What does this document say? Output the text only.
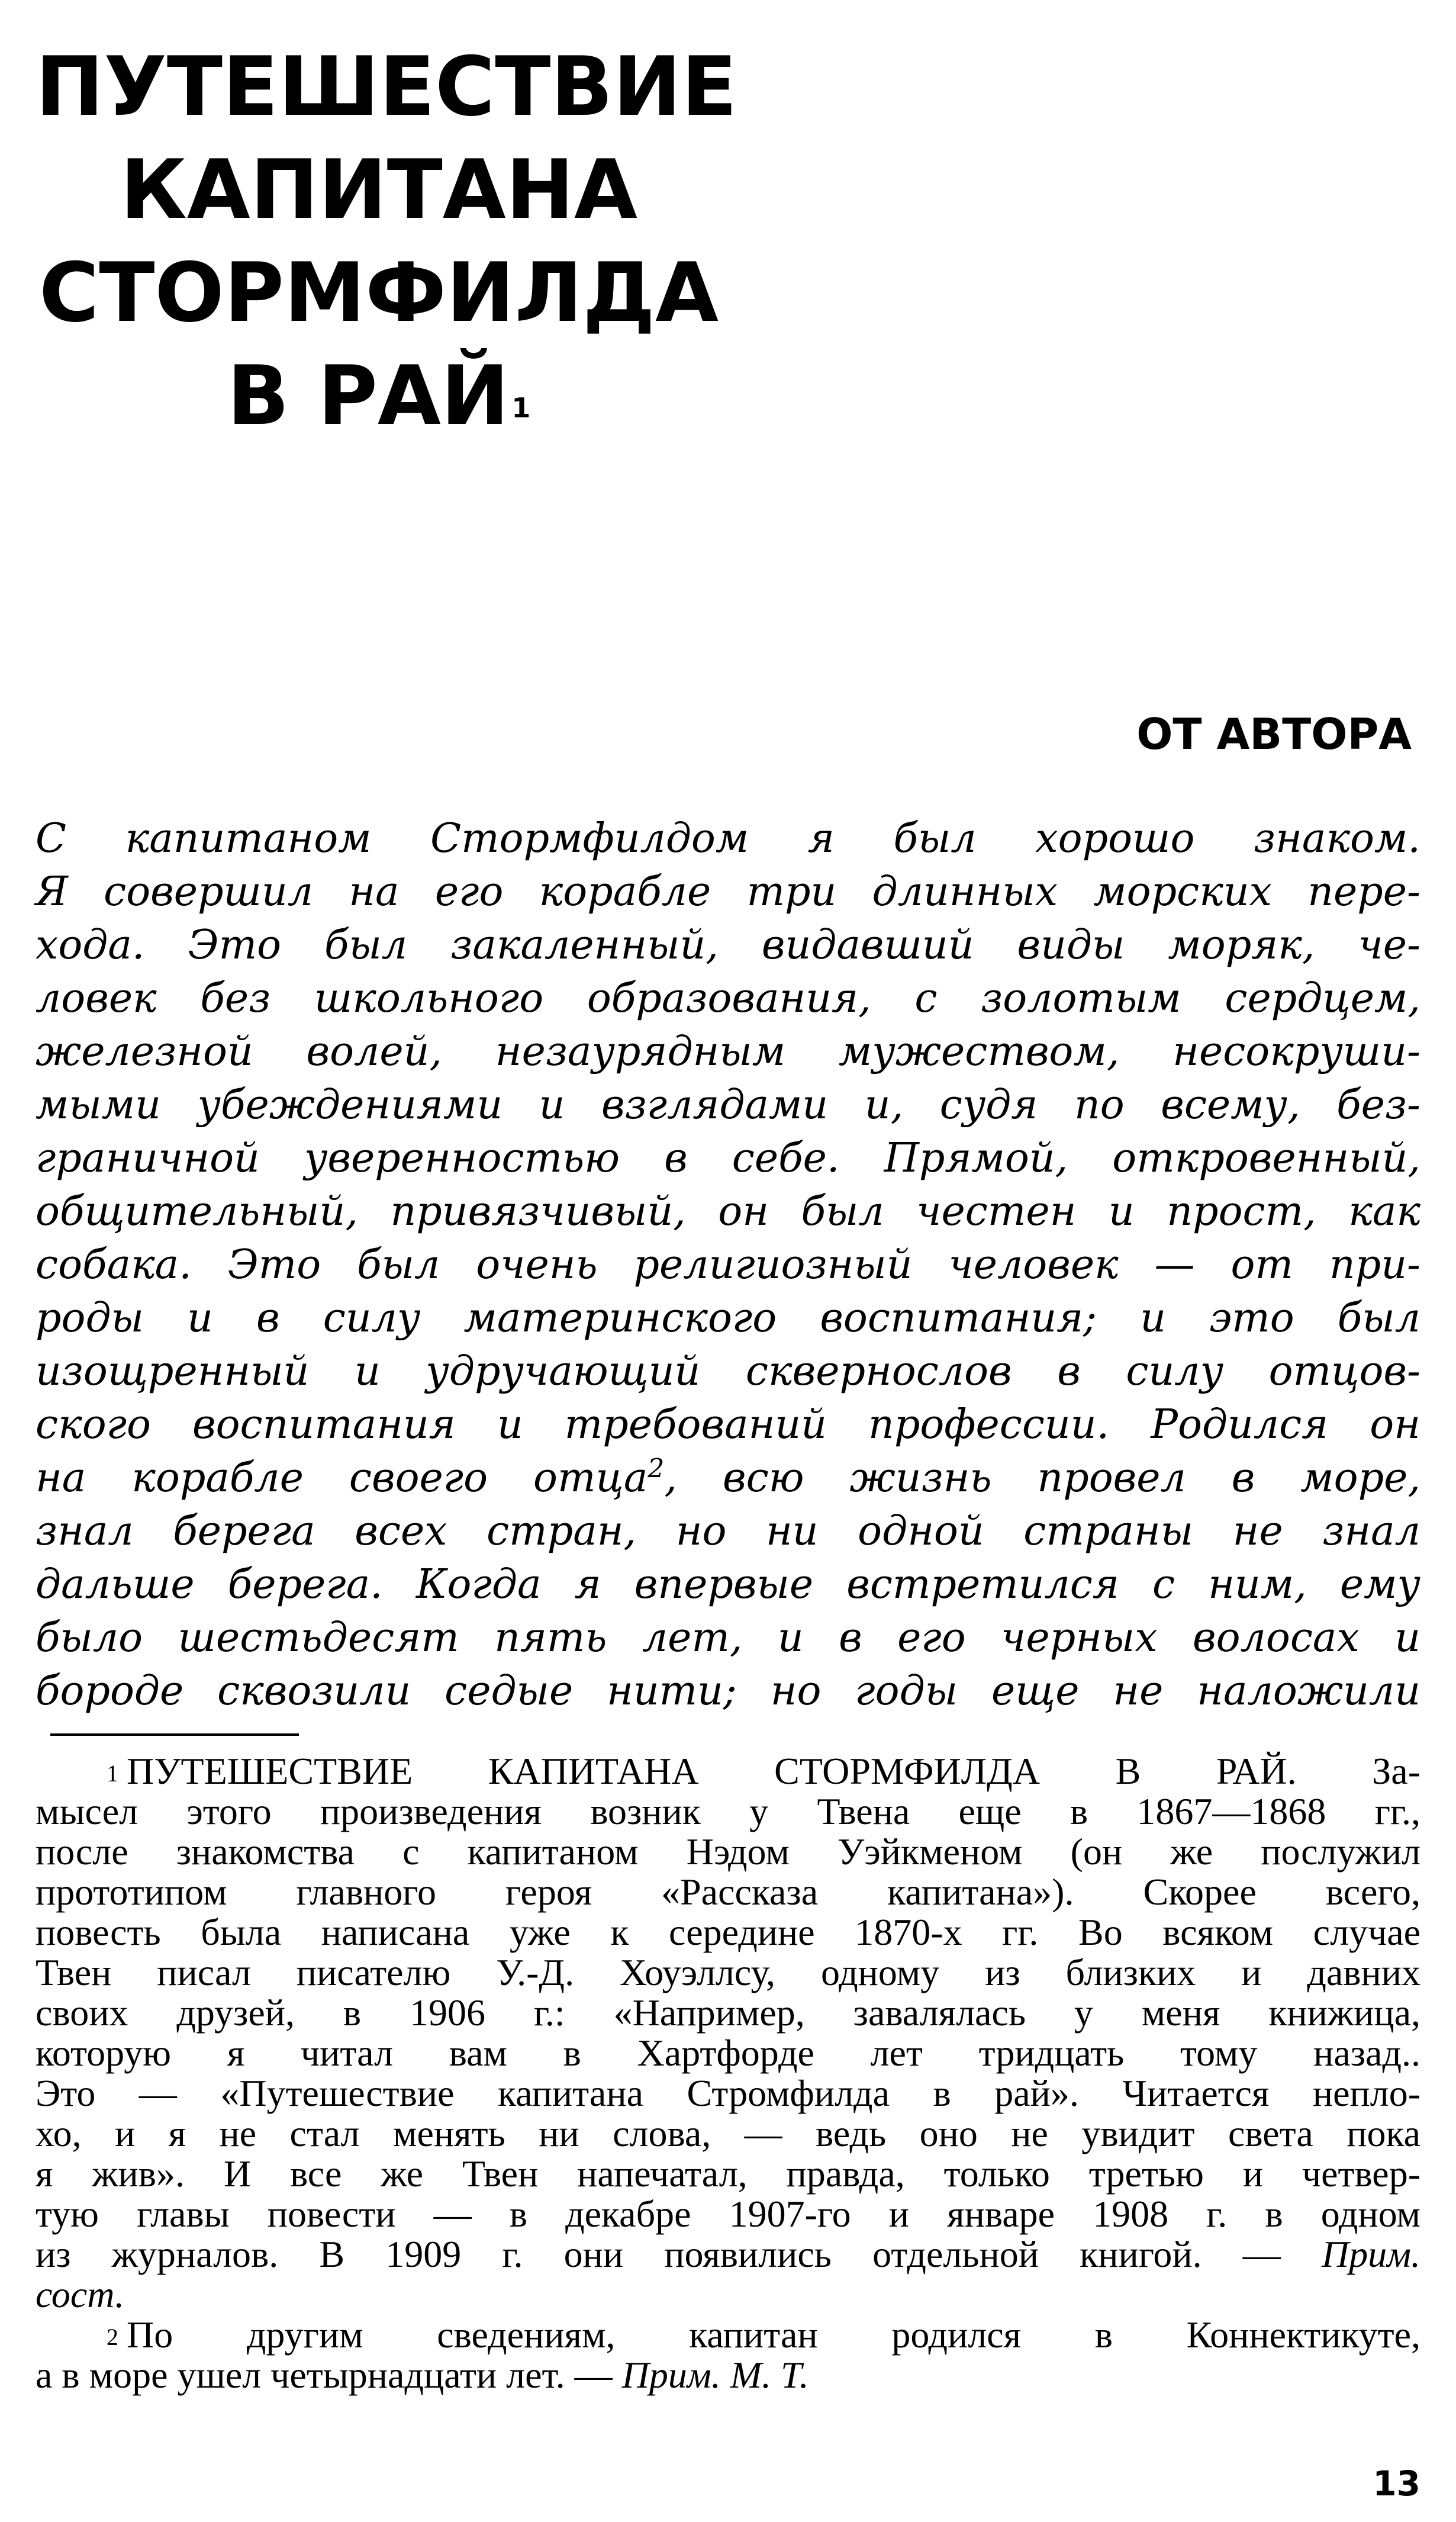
ПУТЕШЕСТВИЕ
КАПИТАНА
СТОРМФИЛДА
В РАЙ$^1$
ОТ АВТОРА
С капитаном Стормфилдом я был хорошо знаком.
Я совершил на его корабле три длинных морских пере-
хода. Это был закаленный, видавший виды моряк, че-
ловек без школьного образования, с золотым сердцем,
железной волей, незаурядным мужеством, несокруши-
мыми убеждениями и взглядами и, судя по всему, без-
граничной уверенностью в себе. Прямой, откровенный,
общительный, привязчивый, он был честен и прост, как
собака. Это был очень религиозный человек — от при-
роды и в силу материнского воспитания; и это был
изощренный и удручающий сквернослов в силу отцов-
ского воспитания и требований профессии. Родился он
на корабле своего отца$^2$, всю жизнь провел в море,
знал берега всех стран, но ни одной страны не знал
дальше берега. Когда я впервые встретился с ним, ему
было шестьдесят пять лет, и в его черных волосах и
бороде сквозили седые нити; но годы еще не наложили
$^1$ ПУТЕШЕСТВИЕ КАПИТАНА СТОРМФИЛДА В РАЙ. За-
мысел этого произведения возник у Твена еще в 1867—1868 гг.,
после знакомства с капитаном Нэдом Уэйкменом (он же послужил
прототипом главного героя «Рассказа капитана»). Скорее всего,
повесть была написана уже к середине 1870-х гг. Во всяком случае
Твен писал писателю У.-Д. Хоуэллсу, одному из близких и давних
своих друзей, в 1906 г.: «Например, завалялась у меня книжица,
которую я читал вам в Хартфорде лет тридцать тому назад..
Это — «Путешествие капитана Стромфилда в рай». Читается непло-
хо, и я не стал менять ни слова, — ведь оно не увидит света пока
я жив». И все же Твен напечатал, правда, только третью и четвер-
тую главы повести — в декабре 1907-го и январе 1908 г. в одном
из журналов. В 1909 г. они появились отдельной книгой. — Прим.
сост.
$^2$ По другим сведениям, капитан родился в Коннектикуте,
а в море ушел четырнадцати лет. — Прим. М. Т.
13
